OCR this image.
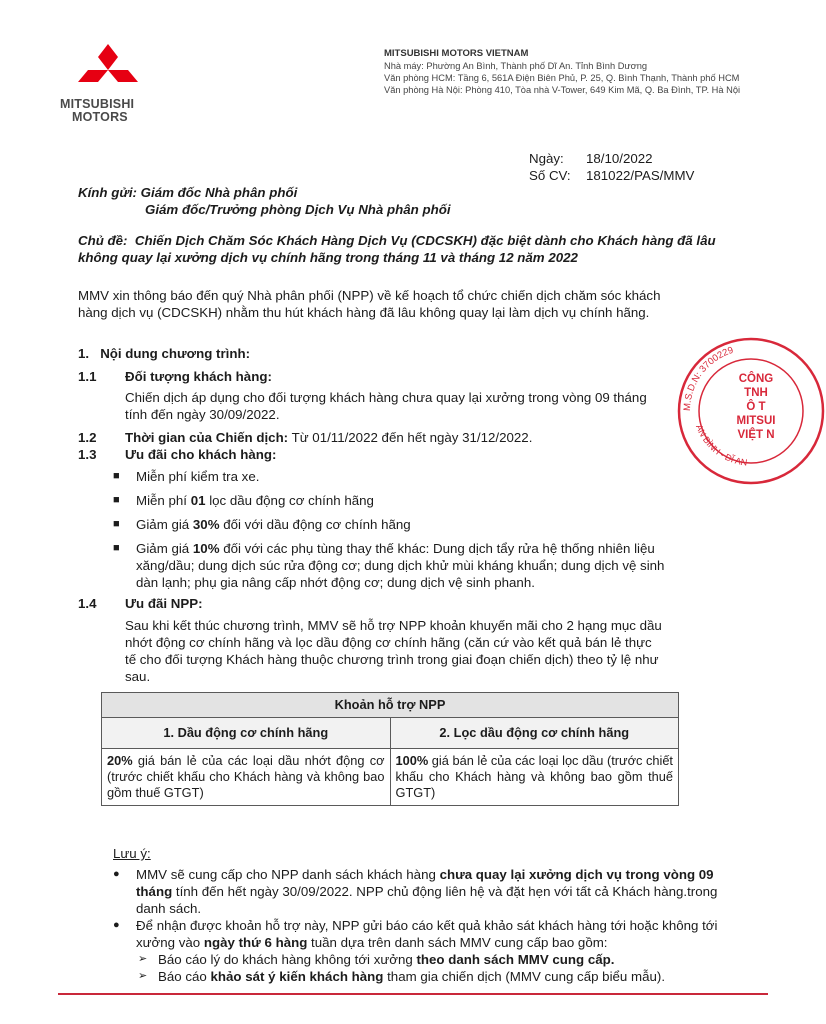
MITSUBISHI
MOTORS
MITSUBISHI MOTORS VIETNAM
Nhà máy: Phường An Bình, Thành phố Dĩ An. Tỉnh Bình Dương
Văn phòng HCM: Tầng 6, 561A Điện Biên Phủ, P. 25, Q. Bình Thạnh, Thành phố HCM
Văn phòng Hà Nội: Phòng 410, Tòa nhà V-Tower, 649 Kim Mã, Q. Ba Đình, TP. Hà Nội
Ngày: 18/10/2022
Số CV: 181022/PAS/MMV
Kính gửi: Giám đốc Nhà phân phối
Giám đốc/Trưởng phòng Dịch Vụ Nhà phân phối
Chủ đề: Chiến Dịch Chăm Sóc Khách Hàng Dịch Vụ (CDCSKH) đặc biệt dành cho Khách hàng đã lâu
không quay lại xưởng dịch vụ chính hãng trong tháng 11 và tháng 12 năm 2022
MMV xin thông báo đến quý Nhà phân phối (NPP) về kế hoạch tổ chức chiến dịch chăm sóc khách
hàng dịch vụ (CDCSKH) nhằm thu hút khách hàng đã lâu không quay lại làm dịch vụ chính hãng.
1. Nội dung chương trình:
1.1 Đối tượng khách hàng:
Chiến dịch áp dụng cho đối tượng khách hàng chưa quay lại xưởng trong vòng 09 tháng
tính đến ngày 30/09/2022.
1.2 Thời gian của Chiến dịch: Từ 01/11/2022 đến hết ngày 31/12/2022.
1.3 Ưu đãi cho khách hàng:
■ Miễn phí kiểm tra xe.
■ Miễn phí 01 lọc dầu động cơ chính hãng
■ Giảm giá 30% đối với dầu động cơ chính hãng
■ Giảm giá 10% đối với các phụ tùng thay thế khác: Dung dịch tẩy rửa hệ thống nhiên liệu
xăng/dầu; dung dịch súc rửa động cơ; dung dịch khử mùi kháng khuẩn; dung dịch vệ sinh
dàn lạnh; phụ gia nâng cấp nhớt động cơ; dung dịch vệ sinh phanh.
1.4 Ưu đãi NPP:
Sau khi kết thúc chương trình, MMV sẽ hỗ trợ NPP khoản khuyến mãi cho 2 hạng mục dầu
nhớt động cơ chính hãng và lọc dầu động cơ chính hãng (căn cứ vào kết quả bán lẻ thực
tế cho đối tượng Khách hàng thuộc chương trình trong giai đoạn chiến dịch) theo tỷ lệ như
sau.
Khoản hỗ trợ NPP	
1. Dầu động cơ chính hãng	2. Lọc dầu động cơ chính hãng
20% giá bán lẻ của các loại dầu nhớt động cơ (trước chiết khấu cho Khách hàng và không bao gồm thuế GTGT)	100% giá bán lẻ của các loại lọc dầu (trước chiết khấu cho Khách hàng và không bao gồm thuế GTGT)
Lưu ý:
● MMV sẽ cung cấp cho NPP danh sách khách hàng chưa quay lại xưởng dịch vụ trong vòng 09 tháng tính đến hết ngày 30/09/2022. NPP chủ động liên hệ và đặt hẹn với tất cả Khách hàng.trong danh sách.
● Để nhận được khoản hỗ trợ này, NPP gửi báo cáo kết quả khảo sát khách hàng tới hoặc không tới xưởng vào ngày thứ 6 hàng tuần dựa trên danh sách MMV cung cấp bao gồm:
➢ Báo cáo lý do khách hàng không tới xưởng theo danh sách MMV cung cấp.
➢ Báo cáo khảo sát ý kiến khách hàng tham gia chiến dịch (MMV cung cấp biểu mẫu).
M.S.D.N: 3700229
AN BÌNH - DĨ AN
CÔNG
TNH
Ô T
MITSUI
VIỆT N
